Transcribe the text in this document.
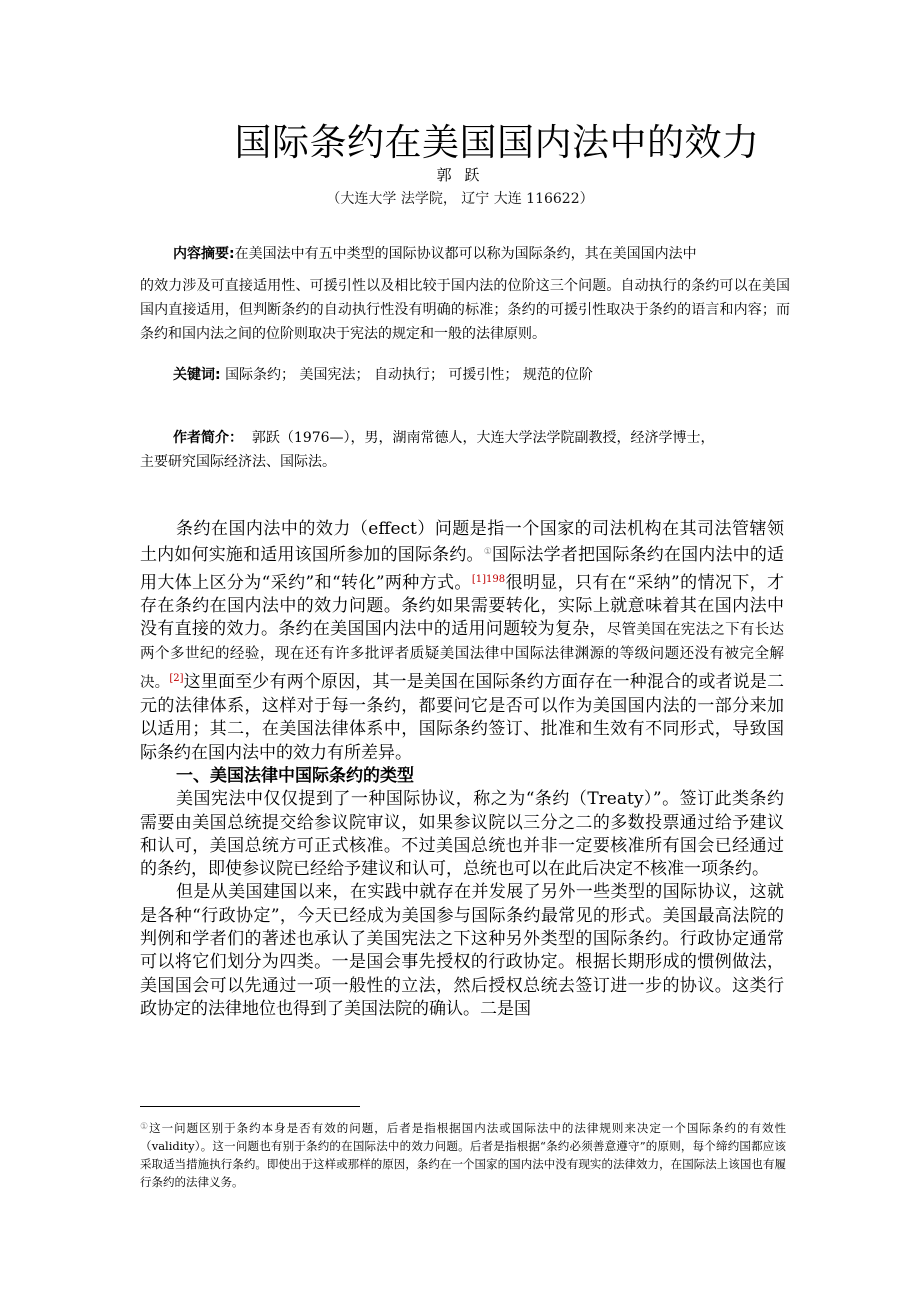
国际条约在美国国内法中的效力
郭 跃
（大连大学 法学院， 辽宁 大连 116622）
内容摘要:在美国法中有五中类型的国际协议都可以称为国际条约，其在美国国内法中
的效力涉及可直接适用性、可援引性以及相比较于国内法的位阶这三个问题。自动执行的条约可以在美国国内直接适用，但判断条约的自动执行性没有明确的标准；条约的可援引性取决于条约的语言和内容；而条约和国内法之间的位阶则取决于宪法的规定和一般的法律原则。
关键词: 国际条约； 美国宪法； 自动执行； 可援引性； 规范的位阶
作者简介： 郭跃（1976—），男，湖南常德人，大连大学法学院副教授，经济学博士，
主要研究国际经济法、国际法。

条约在国内法中的效力（effect）问题是指一个国家的司法机构在其司法管辖领土内如何实施和适用该国所参加的国际条约。①国际法学者把国际条约在国内法中的适用大体上区分为“采约”和“转化”两种方式。$^{[1]198}$很明显，只有在“采纳”的情况下，才存在条约在国内法中的效力问题。条约如果需要转化，实际上就意味着其在国内法中没有直接的效力。条约在美国国内法中的适用问题较为复杂，尽管美国在宪法之下有长达两个多世纪的经验，现在还有许多批评者质疑美国法律中国际法律渊源的等级问题还没有被完全解决。[2]这里面至少有两个原因，其一是美国在国际条约方面存在一种混合的或者说是二元的法律体系，这样对于每一条约，都要问它是否可以作为美国国内法的一部分来加以适用；其二，在美国法律体系中，国际条约签订、批准和生效有不同形式，导致国际条约在国内法中的效力有所差异。

一、美国法律中国际条约的类型

美国宪法中仅仅提到了一种国际协议，称之为“条约（Treaty）”。签订此类条约需要由美国总统提交给参议院审议，如果参议院以三分之二的多数投票通过给予建议和认可，美国总统方可正式核准。不过美国总统也并非一定要核准所有国会已经通过的条约，即使参议院已经给予建议和认可，总统也可以在此后决定不核准一项条约。

但是从美国建国以来，在实践中就存在并发展了另外一些类型的国际协议，这就是各种“行政协定”，今天已经成为美国参与国际条约最常见的形式。美国最高法院的判例和学者们的著述也承认了美国宪法之下这种另外类型的国际条约。行政协定通常可以将它们划分为四类。一是国会事先授权的行政协定。根据长期形成的惯例做法，美国国会可以先通过一项一般性的立法，然后授权总统去签订进一步的协议。这类行政协定的法律地位也得到了美国法院的确认。二是国

①这一问题区别于条约本身是否有效的问题，后者是指根据国内法或国际法中的法律规则来决定一个国际条约的有效性（validity）。这一问题也有别于条约的在国际法中的效力问题。后者是指根据“条约必须善意遵守”的原则，每个缔约国都应该采取适当措施执行条约。即使出于这样或那样的原因，条约在一个国家的国内法中没有现实的法律效力，在国际法上该国也有履行条约的法律义务。
